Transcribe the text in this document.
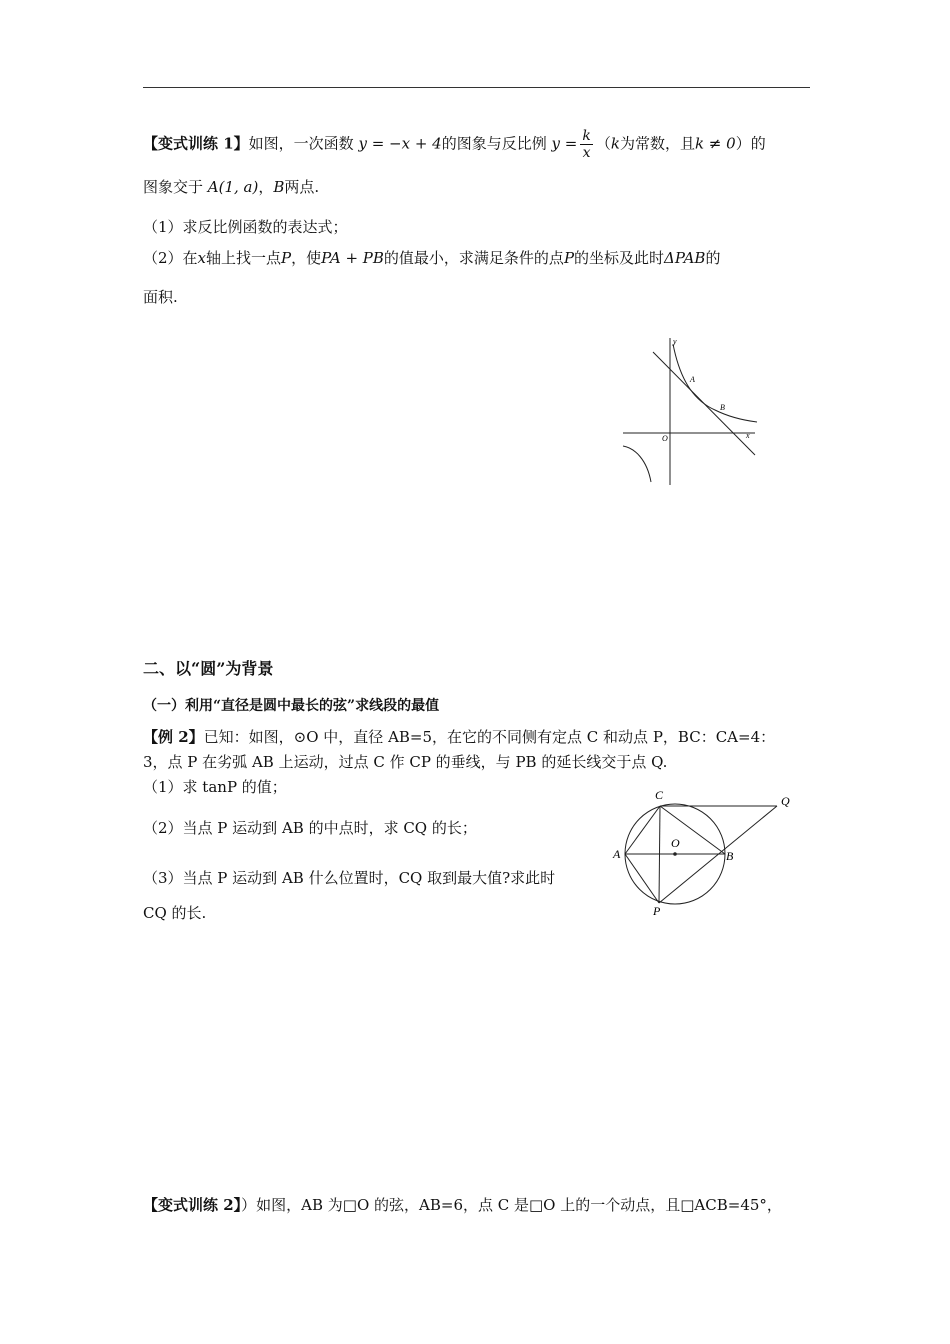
【变式训练 1】如图，一次函数 y = −x + 4的图象与反比例 $y = \frac{k}{x} (k$为常数，且k ≠ 0）的
图象交于 A(1, a)，B两点.
（1）求反比例函数的表达式；
（2）在x轴上找一点P，使PA + PB的值最小，求满足条件的点P的坐标及此时ΔPAB的
面积.
y
x
O
A
B
二、以“圆”为背景
（一）利用“直径是圆中最长的弦”求线段的最值
【例 2】已知：如图，⊙O 中，直径 AB=5，在它的不同侧有定点 C 和动点 P，BC：CA=4：
3，点 P 在劣弧 AB 上运动，过点 C 作 CP 的垂线，与 PB 的延长线交于点 Q.
（1）求 tanP 的值；
（2）当点 P 运动到 AB 的中点时，求 CQ 的长；
（3）当点 P 运动到 AB 什么位置时，CQ 取到最大值?求此时
CQ 的长.
C	Q
O
A	B
P
【变式训练 2】）如图，AB 为□O 的弦，AB=6，点 C 是□O 上的一个动点，且□ACB=45°，
